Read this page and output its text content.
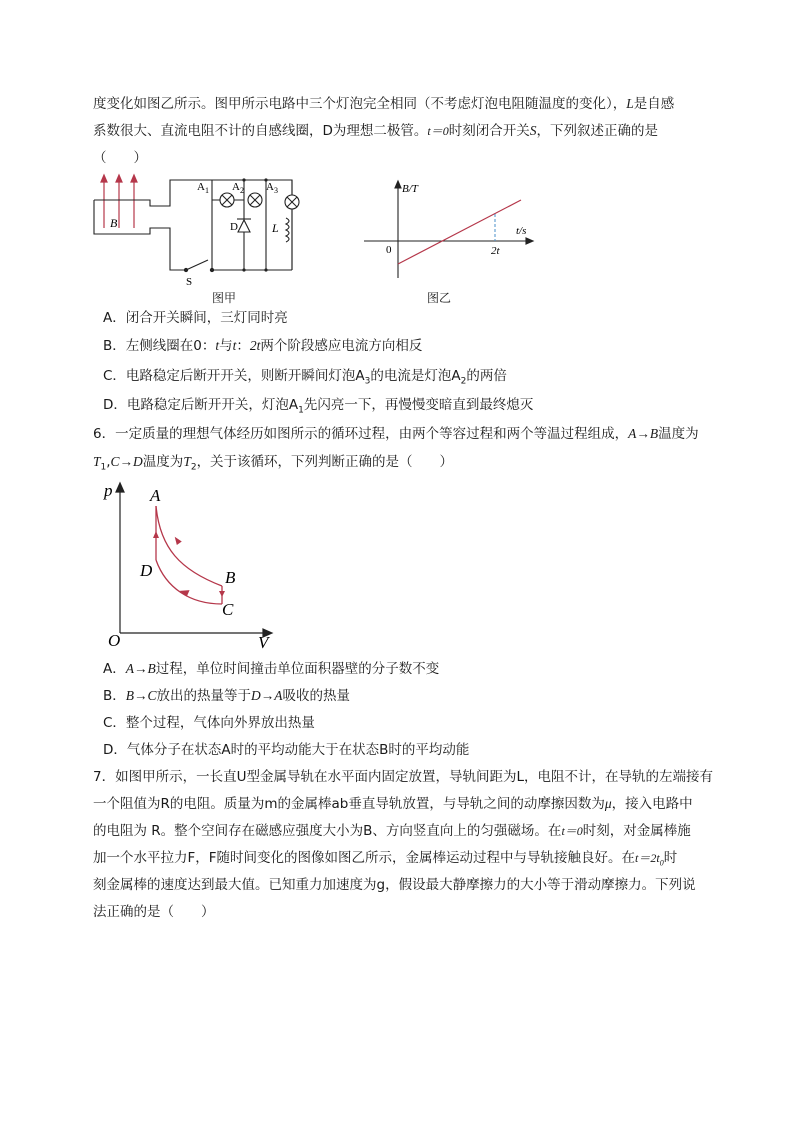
度变化如图乙所示。图甲所示电路中三个灯泡完全相同（不考虑灯泡电阻随温度的变化），L是自感
系数很大、直流电阻不计的自感线圈，D为理想二极管。t＝0时刻闭合开关S，下列叙述正确的是
（　　）
B
A 1 A 2 A 3
D	L
S
图甲
B/T
t/s
0	2t
图乙
A．闭合开关瞬间，三灯同时亮
B．左侧线圈在0：t与t：2t两个阶段感应电流方向相反
C．电路稳定后断开开关，则断开瞬间灯泡$A_3$的电流是灯泡$A_2$的两倍
D．电路稳定后断开开关，灯泡$A_1$先闪亮一下，再慢慢变暗直到最终熄灭
6．一定质量的理想气体经历如图所示的循环过程，由两个等容过程和两个等温过程组成，A→B温度为
$T_1,C\to D$温度为$T_2$，关于该循环，下列判断正确的是（　　）
p
V
O
A
B
C
D
A．A→B过程，单位时间撞击单位面积器壁的分子数不变
B．B→C放出的热量等于D→A吸收的热量
C．整个过程，气体向外界放出热量
D．气体分子在状态A时的平均动能大于在状态B时的平均动能
7．如图甲所示，一长直U型金属导轨在水平面内固定放置，导轨间距为L，电阻不计，在导轨的左端接有
一个阻值为R的电阻。质量为m的金属棒ab垂直导轨放置，与导轨之间的动摩擦因数为μ，接入电路中
的电阻为 R。整个空间存在磁感应强度大小为B、方向竖直向上的匀强磁场。在t＝0时刻，对金属棒施
加一个水平拉力F，F随时间变化的图像如图乙所示，金属棒运动过程中与导轨接触良好。在$t=2t_0$时
刻金属棒的速度达到最大值。已知重力加速度为g，假设最大静摩擦力的大小等于滑动摩擦力。下列说
法正确的是（　　）
